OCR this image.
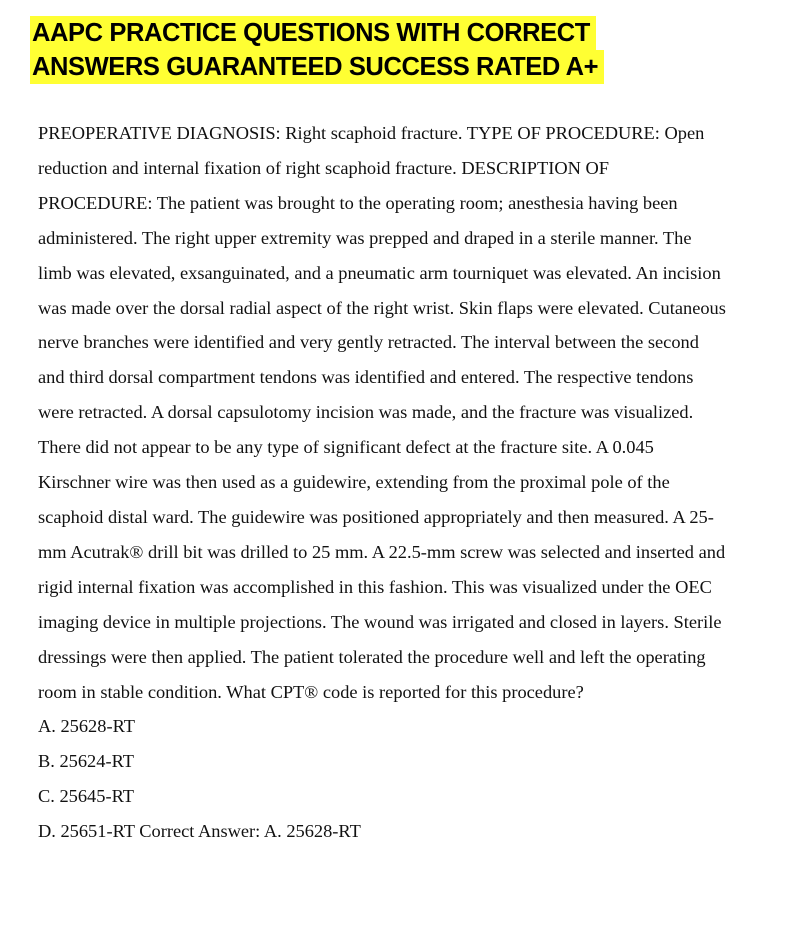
AAPC PRACTICE QUESTIONS WITH CORRECT
ANSWERS GUARANTEED SUCCESS RATED A+

PREOPERATIVE DIAGNOSIS: Right scaphoid fracture. TYPE OF PROCEDURE: Open reduction and internal fixation of right scaphoid fracture. DESCRIPTION OF PROCEDURE: The patient was brought to the operating room; anesthesia having been administered. The right upper extremity was prepped and draped in a sterile manner. The limb was elevated, exsanguinated, and a pneumatic arm tourniquet was elevated. An incision was made over the dorsal radial aspect of the right wrist. Skin flaps were elevated. Cutaneous nerve branches were identified and very gently retracted. The interval between the second and third dorsal compartment tendons was identified and entered. The respective tendons were retracted. A dorsal capsulotomy incision was made, and the fracture was visualized. There did not appear to be any type of significant defect at the fracture site. A 0.045 Kirschner wire was then used as a guidewire, extending from the proximal pole of the scaphoid distal ward. The guidewire was positioned appropriately and then measured. A 25-mm Acutrak® drill bit was drilled to 25 mm. A 22.5-mm screw was selected and inserted and rigid internal fixation was accomplished in this fashion. This was visualized under the OEC imaging device in multiple projections. The wound was irrigated and closed in layers. Sterile dressings were then applied. The patient tolerated the procedure well and left the operating room in stable condition. What CPT® code is reported for this procedure?

A. 25628-RT

B. 25624-RT

C. 25645-RT

D. 25651-RT Correct Answer: A. 25628-RT
